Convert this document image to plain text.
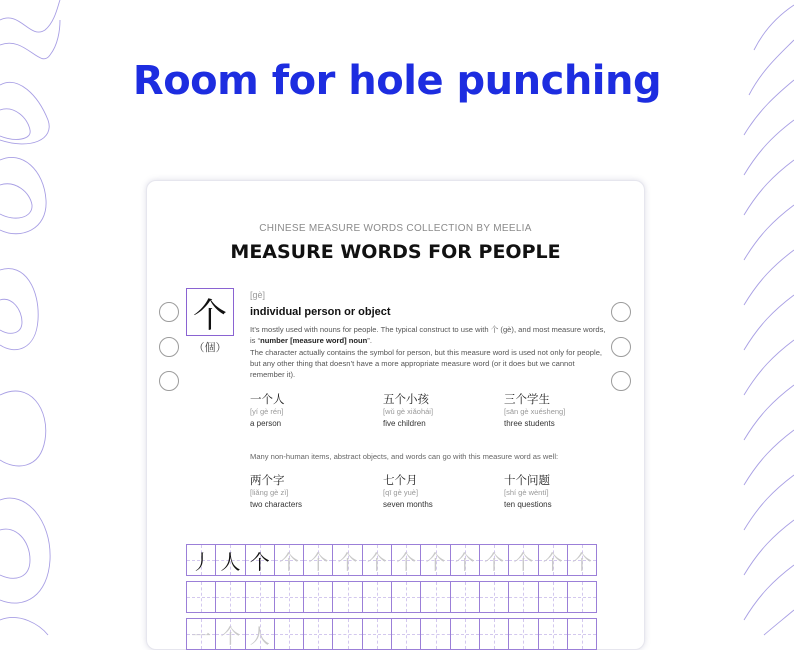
Room for hole punching
CHINESE MEASURE WORDS COLLECTION BY MEELIA
MEASURE WORDS FOR PEOPLE
个
（個）
[gè]
individual person or object
It’s mostly used with nouns for people. The typical construct to use with 个 (gè), and most measure words, is “number [measure word] noun”.
The character actually contains the symbol for person, but this measure word is used not only for people, but any other thing that doesn’t have a more appropriate measure word (or it does but we cannot remember it).
一个人
[yí gè rén]
a person
五个小孩
[wǔ gè xiǎohái]
five children
三个学生
[sān gè xuésheng]
three students
Many non-human items, abstract objects, and words can go with this measure word as well:
两个字
[liǎng gè zì]
two characters
七个月
[qī gè yuè]
seven months
十个问题
[shí gè wèntí]
ten questions
丿 人 个 个 个 个 个 个 个 个 个 个 个 个
一 个 人
